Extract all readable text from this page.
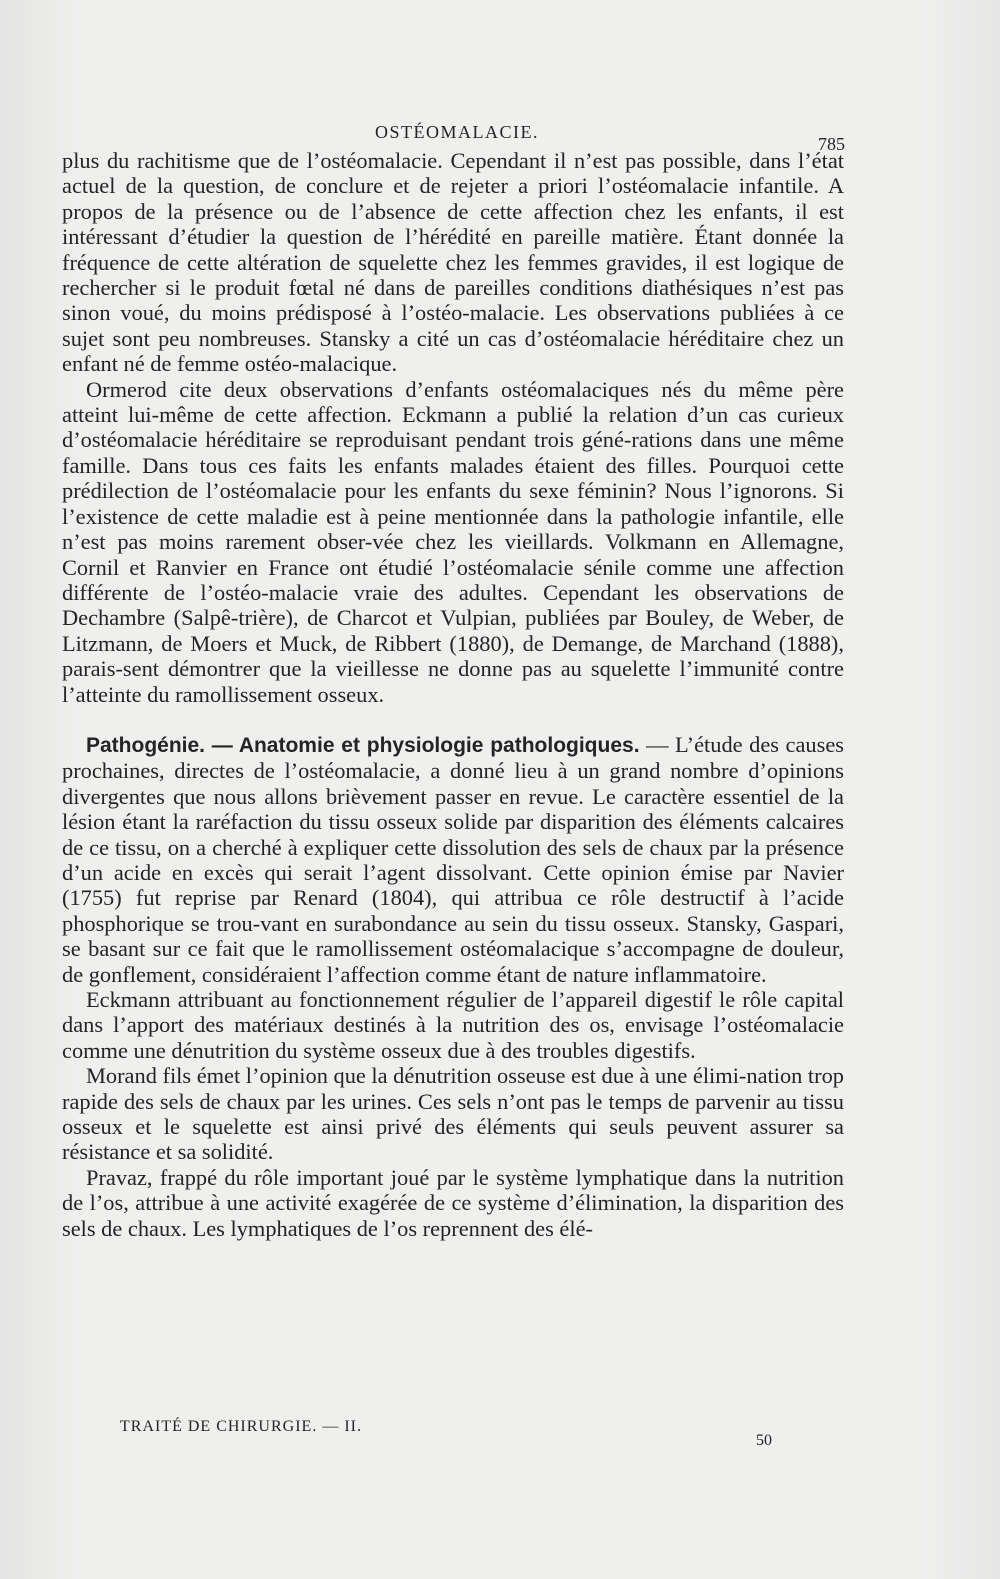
OSTÉOMALACIE.
785

plus du rachitisme que de l’ostéomalacie. Cependant il n’est pas possible, dans l’état actuel de la question, de conclure et de rejeter a priori l’ostéomalacie infantile. A propos de la présence ou de l’absence de cette affection chez les enfants, il est intéressant d’étudier la question de l’hérédité en pareille matière. Étant donnée la fréquence de cette altération de squelette chez les femmes gravides, il est logique de rechercher si le produit fœtal né dans de pareilles conditions diathésiques n’est pas sinon voué, du moins prédisposé à l’ostéo-malacie. Les observations publiées à ce sujet sont peu nombreuses. Stansky a cité un cas d’ostéomalacie héréditaire chez un enfant né de femme ostéo-malacique.

Ormerod cite deux observations d’enfants ostéomalaciques nés du même père atteint lui-même de cette affection. Eckmann a publié la relation d’un cas curieux d’ostéomalacie héréditaire se reproduisant pendant trois géné-rations dans une même famille. Dans tous ces faits les enfants malades étaient des filles. Pourquoi cette prédilection de l’ostéomalacie pour les enfants du sexe féminin? Nous l’ignorons. Si l’existence de cette maladie est à peine mentionnée dans la pathologie infantile, elle n’est pas moins rarement obser-vée chez les vieillards. Volkmann en Allemagne, Cornil et Ranvier en France ont étudié l’ostéomalacie sénile comme une affection différente de l’ostéo-malacie vraie des adultes. Cependant les observations de Dechambre (Salpê-trière), de Charcot et Vulpian, publiées par Bouley, de Weber, de Litzmann, de Moers et Muck, de Ribbert (1880), de Demange, de Marchand (1888), parais-sent démontrer que la vieillesse ne donne pas au squelette l’immunité contre l’atteinte du ramollissement osseux.

Pathogénie. — Anatomie et physiologie pathologiques. — L’étude des causes prochaines, directes de l’ostéomalacie, a donné lieu à un grand nombre d’opinions divergentes que nous allons brièvement passer en revue. Le caractère essentiel de la lésion étant la raréfaction du tissu osseux solide par disparition des éléments calcaires de ce tissu, on a cherché à expliquer cette dissolution des sels de chaux par la présence d’un acide en excès qui serait l’agent dissolvant. Cette opinion émise par Navier (1755) fut reprise par Renard (1804), qui attribua ce rôle destructif à l’acide phosphorique se trou-vant en surabondance au sein du tissu osseux. Stansky, Gaspari, se basant sur ce fait que le ramollissement ostéomalacique s’accompagne de douleur, de gonflement, considéraient l’affection comme étant de nature inflammatoire.

Eckmann attribuant au fonctionnement régulier de l’appareil digestif le rôle capital dans l’apport des matériaux destinés à la nutrition des os, envisage l’ostéomalacie comme une dénutrition du système osseux due à des troubles digestifs.

Morand fils émet l’opinion que la dénutrition osseuse est due à une élimi-nation trop rapide des sels de chaux par les urines. Ces sels n’ont pas le temps de parvenir au tissu osseux et le squelette est ainsi privé des éléments qui seuls peuvent assurer sa résistance et sa solidité.

Pravaz, frappé du rôle important joué par le système lymphatique dans la nutrition de l’os, attribue à une activité exagérée de ce système d’élimination, la disparition des sels de chaux. Les lymphatiques de l’os reprennent des élé-

TRAITÉ DE CHIRURGIE. — II.
50
